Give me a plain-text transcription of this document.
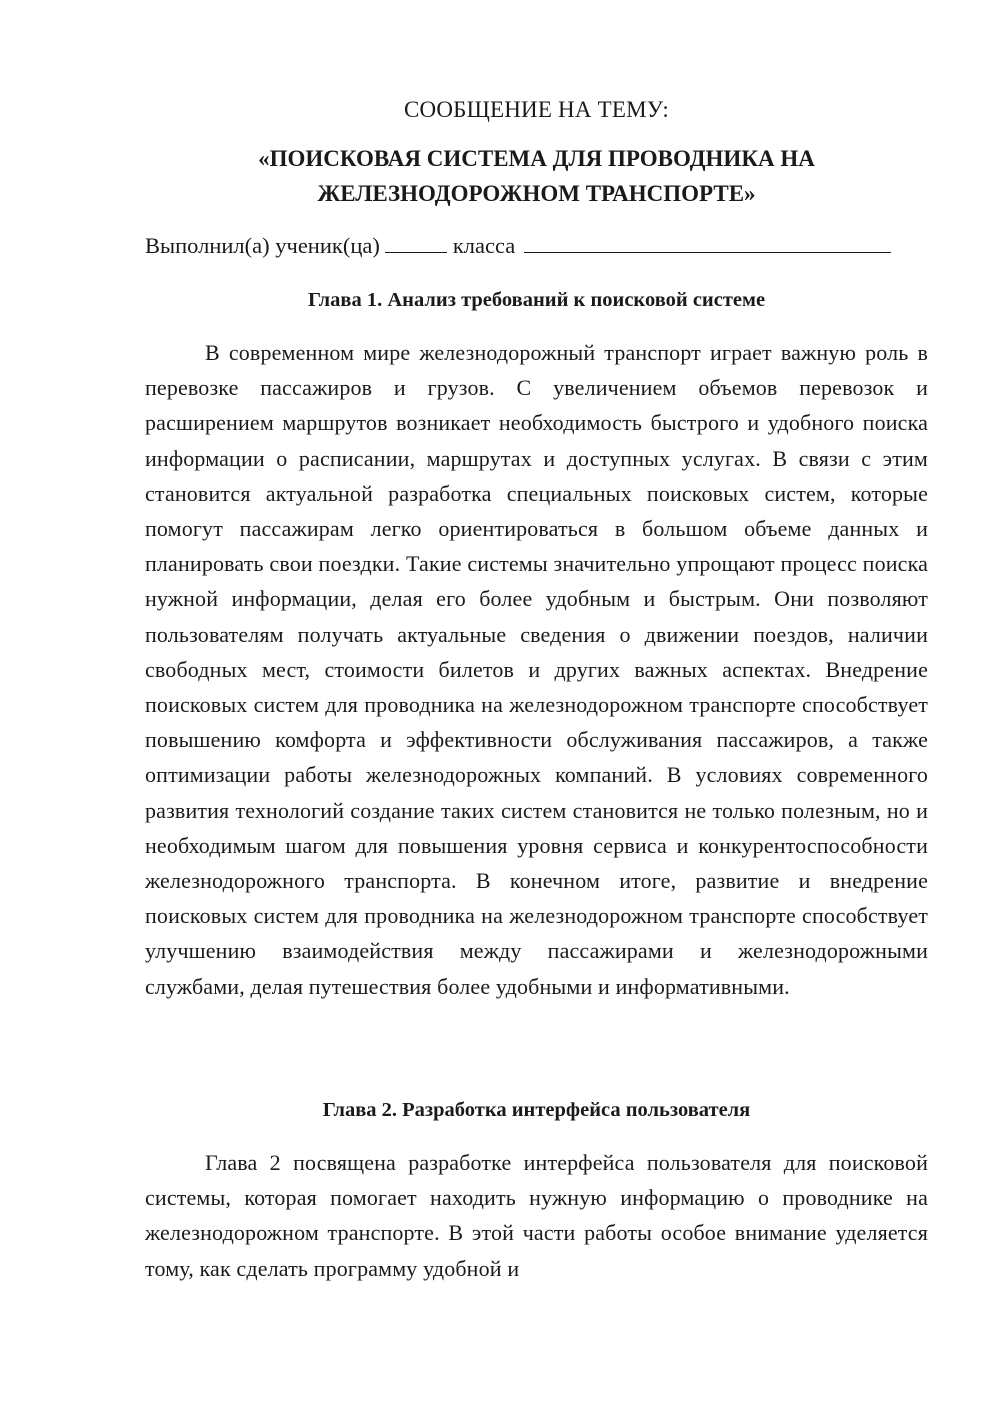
СООБЩЕНИЕ НА ТЕМУ:

«ПОИСКОВАЯ СИСТЕМА ДЛЯ ПРОВОДНИКА НА ЖЕЛЕЗНОДОРОЖНОМ ТРАНСПОРТЕ»

Выполнил(а) ученик(ца)	класса

Глава 1. Анализ требований к поисковой системе

В современном мире железнодорожный транспорт играет важную роль в перевозке пассажиров и грузов. С увеличением объемов перевозок и расширением маршрутов возникает необходимость быстрого и удобного поиска информации о расписании, маршрутах и доступных услугах. В связи с этим становится актуальной разработка специальных поисковых систем, которые помогут пассажирам легко ориентироваться в большом объеме данных и планировать свои поездки. Такие системы значительно упрощают процесс поиска нужной информации, делая его более удобным и быстрым. Они позволяют пользователям получать актуальные сведения о движении поездов, наличии свободных мест, стоимости билетов и других важных аспектах. Внедрение поисковых систем для проводника на железнодорожном транспорте способствует повышению комфорта и эффективности обслуживания пассажиров, а также оптимизации работы железнодорожных компаний. В условиях современного развития технологий создание таких систем становится не только полезным, но и необходимым шагом для повышения уровня сервиса и конкурентоспособности железнодорожного транспорта. В конечном итоге, развитие и внедрение поисковых систем для проводника на железнодорожном транспорте способствует улучшению взаимодействия между пассажирами и железнодорожными службами, делая путешествия более удобными и информативными.

Глава 2. Разработка интерфейса пользователя

Глава 2 посвящена разработке интерфейса пользователя для поисковой системы, которая помогает находить нужную информацию о проводнике на железнодорожном транспорте. В этой части работы особое внимание уделяется тому, как сделать программу удобной и
